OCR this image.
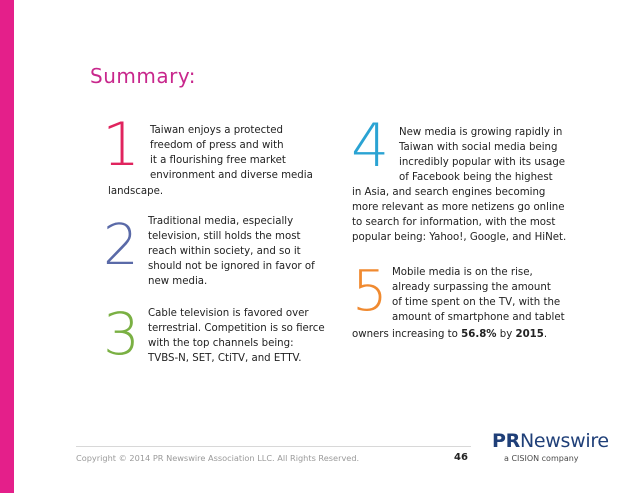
Summary:
1 Taiwan enjoys a protected
freedom of press and with
it a flourishing free market
environment and diverse media
landscape.
2 Traditional media, especially
television, still holds the most
reach within society, and so it
should not be ignored in favor of
new media.
3 Cable television is favored over
terrestrial. Competition is so fierce
with the top channels being:
TVBS-N, SET, CtiTV, and ETTV.
4 New media is growing rapidly in
Taiwan with social media being
incredibly popular with its usage
of Facebook being the highest
in Asia, and search engines becoming
more relevant as more netizens go online
to search for information, with the most
popular being: Yahoo!, Google, and HiNet.
5 Mobile media is on the rise,
already surpassing the amount
of time spent on the TV, with the
amount of smartphone and tablet
owners increasing to 56.8% by 2015.
Copyright © 2014 PR Newswire Association LLC. All Rights Reserved.	46
PRNewswire
a CISION company
